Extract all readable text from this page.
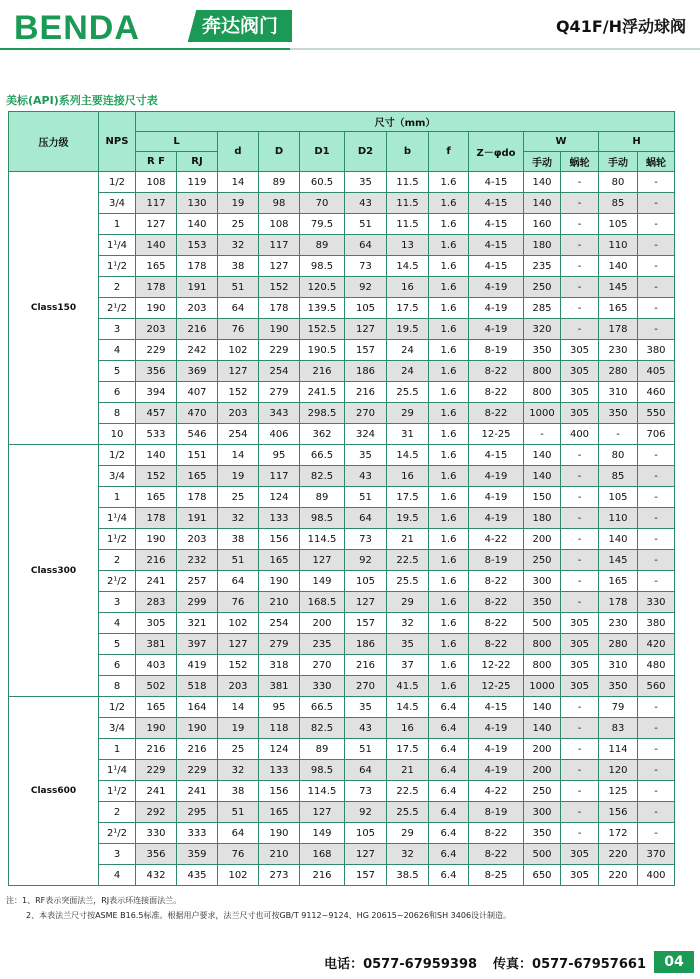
BENDA	奔达阀门	Q41F/H浮动球阀
美标(API)系列主要连接尺寸表
压力级	NPS	尺寸（mm）												
		L		d	D	D1	D2	b	f	Z－φdo	W		H	
		R F	RJ								手动	蜗轮	手动	蜗轮
Class150	1/2	108	119	14	89	60.5	35	11.5	1.6	4-15	140	-	80	-
	3/4	117	130	19	98	70	43	11.5	1.6	4-15	140	-	85	-
	1	127	140	25	108	79.5	51	11.5	1.6	4-15	160	-	105	-
	1¹/4	140	153	32	117	89	64	13	1.6	4-15	180	-	110	-
	1¹/2	165	178	38	127	98.5	73	14.5	1.6	4-15	235	-	140	-
	2	178	191	51	152	120.5	92	16	1.6	4-19	250	-	145	-
	2¹/2	190	203	64	178	139.5	105	17.5	1.6	4-19	285	-	165	-
	3	203	216	76	190	152.5	127	19.5	1.6	4-19	320	-	178	-
	4	229	242	102	229	190.5	157	24	1.6	8-19	350	305	230	380
	5	356	369	127	254	216	186	24	1.6	8-22	800	305	280	405
	6	394	407	152	279	241.5	216	25.5	1.6	8-22	800	305	310	460
	8	457	470	203	343	298.5	270	29	1.6	8-22	1000	305	350	550
	10	533	546	254	406	362	324	31	1.6	12-25	-	400	-	706
Class300	1/2	140	151	14	95	66.5	35	14.5	1.6	4-15	140	-	80	-
	3/4	152	165	19	117	82.5	43	16	1.6	4-19	140	-	85	-
	1	165	178	25	124	89	51	17.5	1.6	4-19	150	-	105	-
	1¹/4	178	191	32	133	98.5	64	19.5	1.6	4-19	180	-	110	-
	1¹/2	190	203	38	156	114.5	73	21	1.6	4-22	200	-	140	-
	2	216	232	51	165	127	92	22.5	1.6	8-19	250	-	145	-
	2¹/2	241	257	64	190	149	105	25.5	1.6	8-22	300	-	165	-
	3	283	299	76	210	168.5	127	29	1.6	8-22	350	-	178	330
	4	305	321	102	254	200	157	32	1.6	8-22	500	305	230	380
	5	381	397	127	279	235	186	35	1.6	8-22	800	305	280	420
	6	403	419	152	318	270	216	37	1.6	12-22	800	305	310	480
	8	502	518	203	381	330	270	41.5	1.6	12-25	1000	305	350	560
Class600	1/2	165	164	14	95	66.5	35	14.5	6.4	4-15	140	-	79	-
	3/4	190	190	19	118	82.5	43	16	6.4	4-19	140	-	83	-
	1	216	216	25	124	89	51	17.5	6.4	4-19	200	-	114	-
	1¹/4	229	229	32	133	98.5	64	21	6.4	4-19	200	-	120	-
	1¹/2	241	241	38	156	114.5	73	22.5	6.4	4-22	250	-	125	-
	2	292	295	51	165	127	92	25.5	6.4	8-19	300	-	156	-
	2¹/2	330	333	64	190	149	105	29	6.4	8-22	350	-	172	-
	3	356	359	76	210	168	127	32	6.4	8-22	500	305	220	370
	4	432	435	102	273	216	157	38.5	6.4	8-25	650	305	220	400
注：1、RF表示突面法兰，RJ表示环连接面法兰。
2、本表法兰尺寸按ASME B16.5标准。根据用户要求，法兰尺寸也可按GB/T 9112~9124、HG 20615~20626和SH 3406设计制造。
电话：0577-67959398 传真：0577-67957661	04
